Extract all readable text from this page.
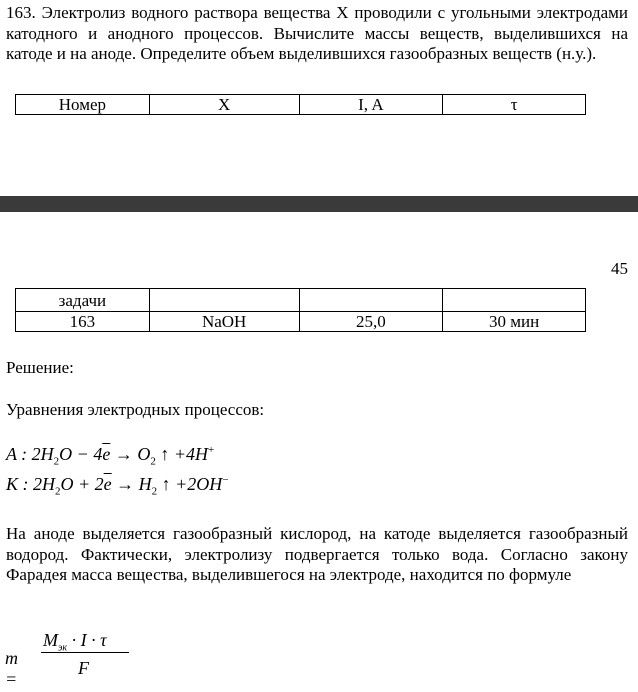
163. Электролиз водного раствора вещества X проводили с угольными электродами катодного и анодного процессов. Вычислите массы веществ, выделившихся на катоде и на аноде. Определите объем выделившихся газообразных веществ (н.у.).

Номер	X	I, A	τ
45
задачи			
163	NaOH	25,0	30 мин

Решение:

Уравнения электродных процессов:

A : $2H_2O - 4\overline{e} \to O_2$ ↑ +4H+
K : $2H_2O + 2\overline{e} \to H_2$ ↑ +2OH−

На аноде выделяется газообразный кислород, на катоде выделяется газообразный водород. Фактически, электролизу подвергается только вода. Согласно закону Фарадея масса вещества, выделившегося на электроде, находится по формуле

m =
$M_{эк} \cdot I \cdot \tau$
F
